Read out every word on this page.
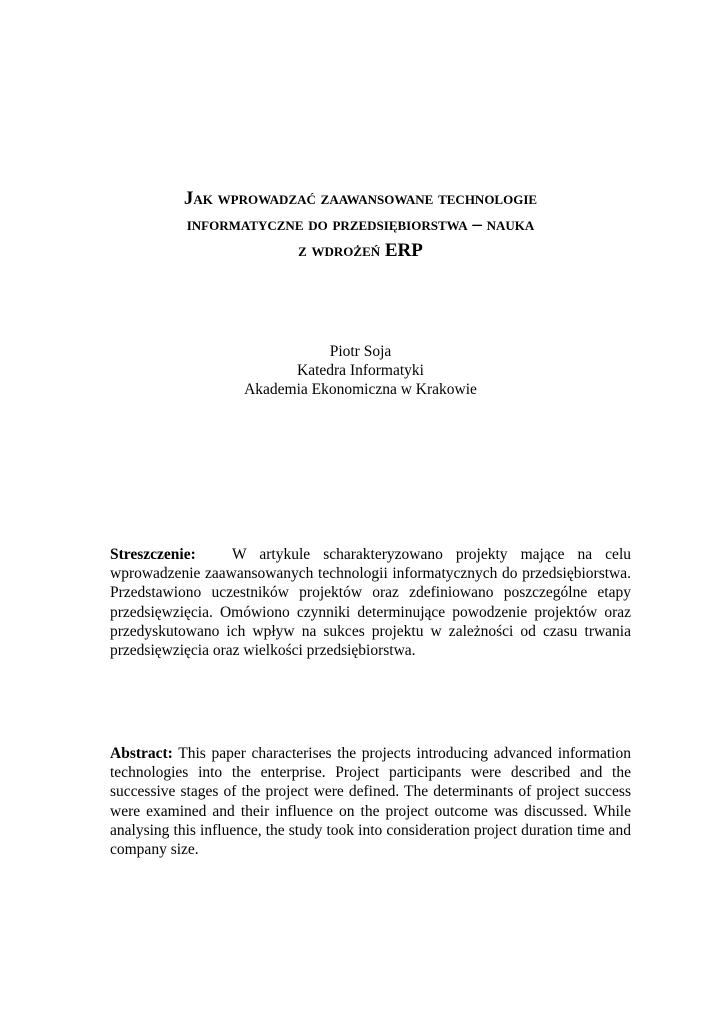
Jak wprowadzać zaawansowane technologie
informatyczne do przedsiębiorstwa – nauka
z wdrożeń ERP
Piotr Soja
Katedra Informatyki
Akademia Ekonomiczna w Krakowie
Streszczenie: W artykule scharakteryzowano projekty mające na celu wprowadzenie zaawansowanych technologii informatycznych do przedsiębiorstwa. Przedstawiono uczestników projektów oraz zdefiniowano poszczególne etapy przedsięwzięcia. Omówiono czynniki determinujące powodzenie projektów oraz przedyskutowano ich wpływ na sukces projektu w zależności od czasu trwania przedsięwzięcia oraz wielkości przedsiębiorstwa.
Abstract: This paper characterises the projects introducing advanced information technologies into the enterprise. Project participants were described and the successive stages of the project were defined. The determinants of project success were examined and their influence on the project outcome was discussed. While analysing this influence, the study took into consideration project duration time and company size.
